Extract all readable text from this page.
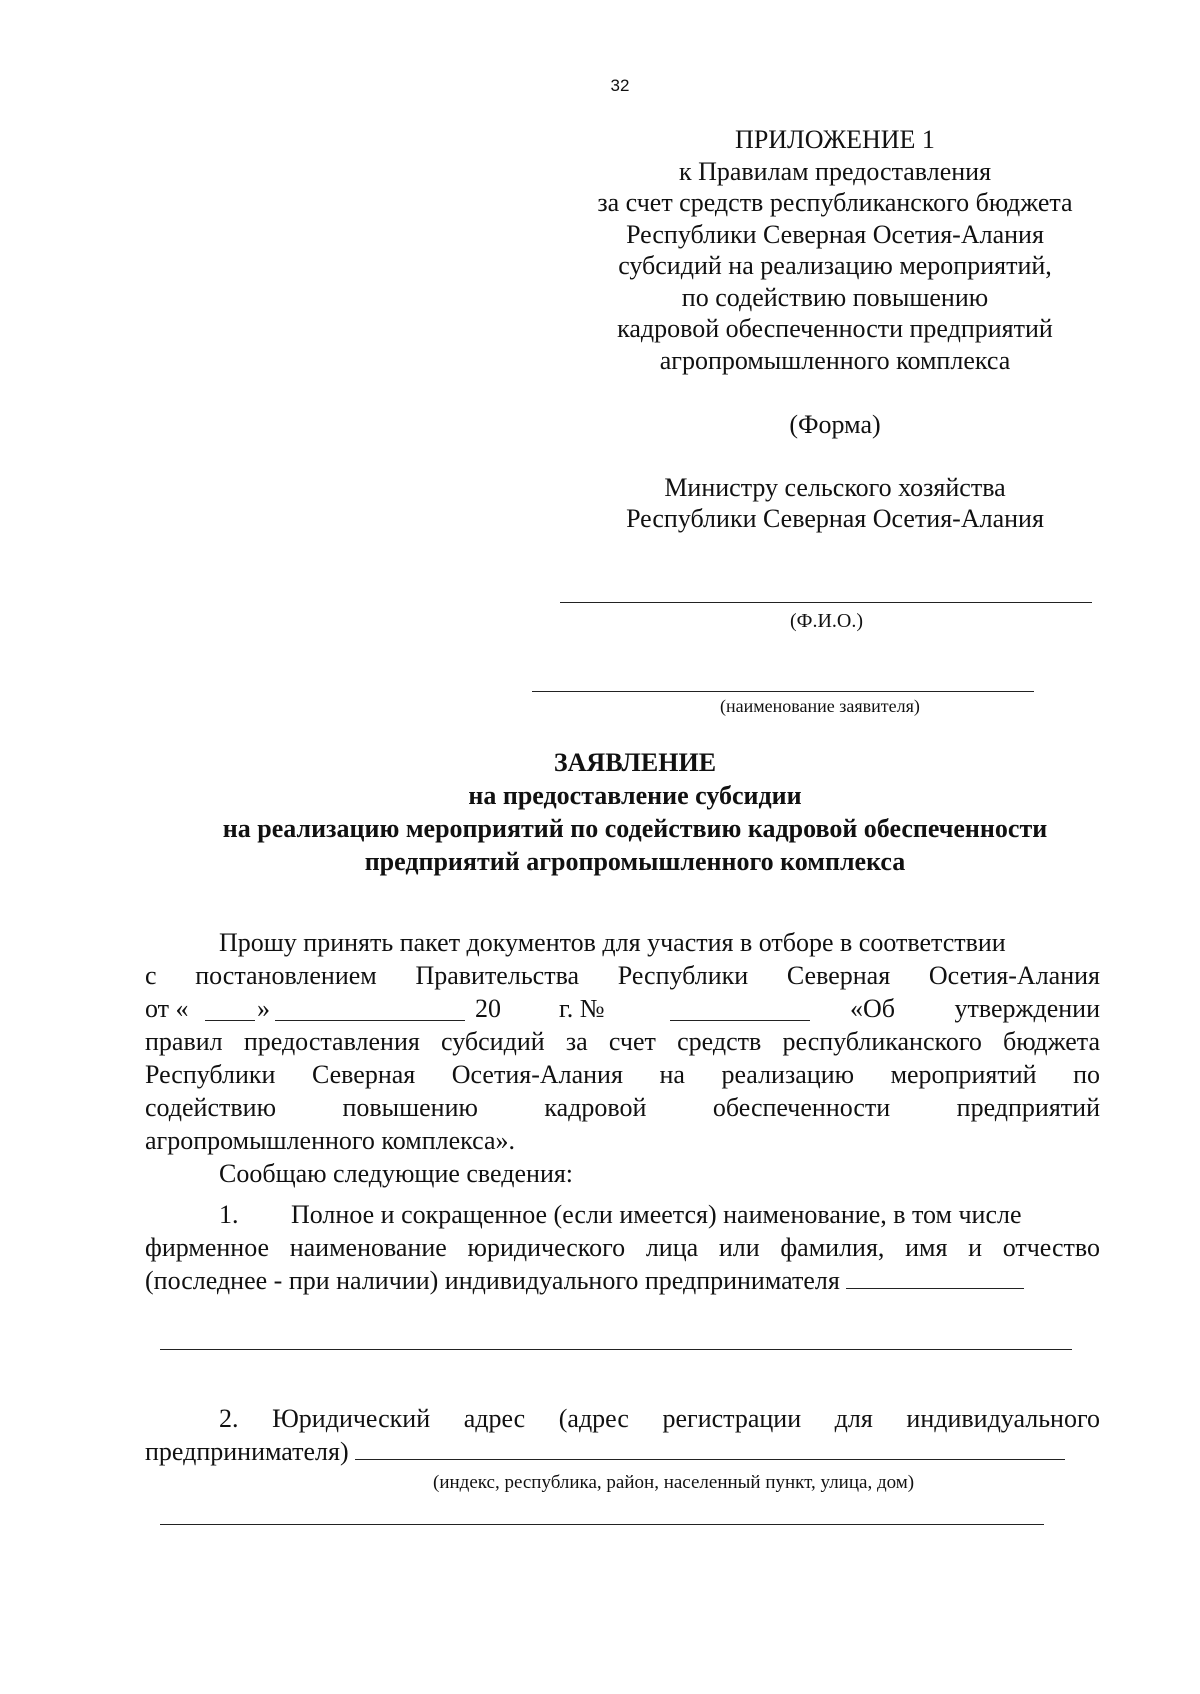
32
ПРИЛОЖЕНИЕ 1
к Правилам предоставления
за счет средств республиканского бюджета
Республики Северная Осетия-Алания
субсидий на реализацию мероприятий,
по содействию повышению
кадровой обеспеченности предприятий
агропромышленного комплекса
(Форма)
Министру сельского хозяйства
Республики Северная Осетия-Алания
(Ф.И.О.)
(наименование заявителя)
ЗАЯВЛЕНИЕ
на предоставление субсидии
на реализацию мероприятий по содействию кадровой обеспеченности
предприятий агропромышленного комплекса
Прошу принять пакет документов для участия в отборе в соответствии
с постановлением Правительства Республики Северная Осетия-Алания
от «	»	20 г. №	«Об утверждении
правил предоставления субсидий за счет средств республиканского бюджета
Республики Северная Осетия-Алания на реализацию мероприятий по
содействию повышению кадровой обеспеченности предприятий
агропромышленного комплекса».
Сообщаю следующие сведения:
1. Полное и сокращенное (если имеется) наименование, в том числе
фирменное наименование юридического лица или фамилия, имя и отчество
(последнее - при наличии) индивидуального предпринимателя
2. Юридический адрес (адрес регистрации для индивидуального
предпринимателя)
(индекс, республика, район, населенный пункт, улица, дом)
